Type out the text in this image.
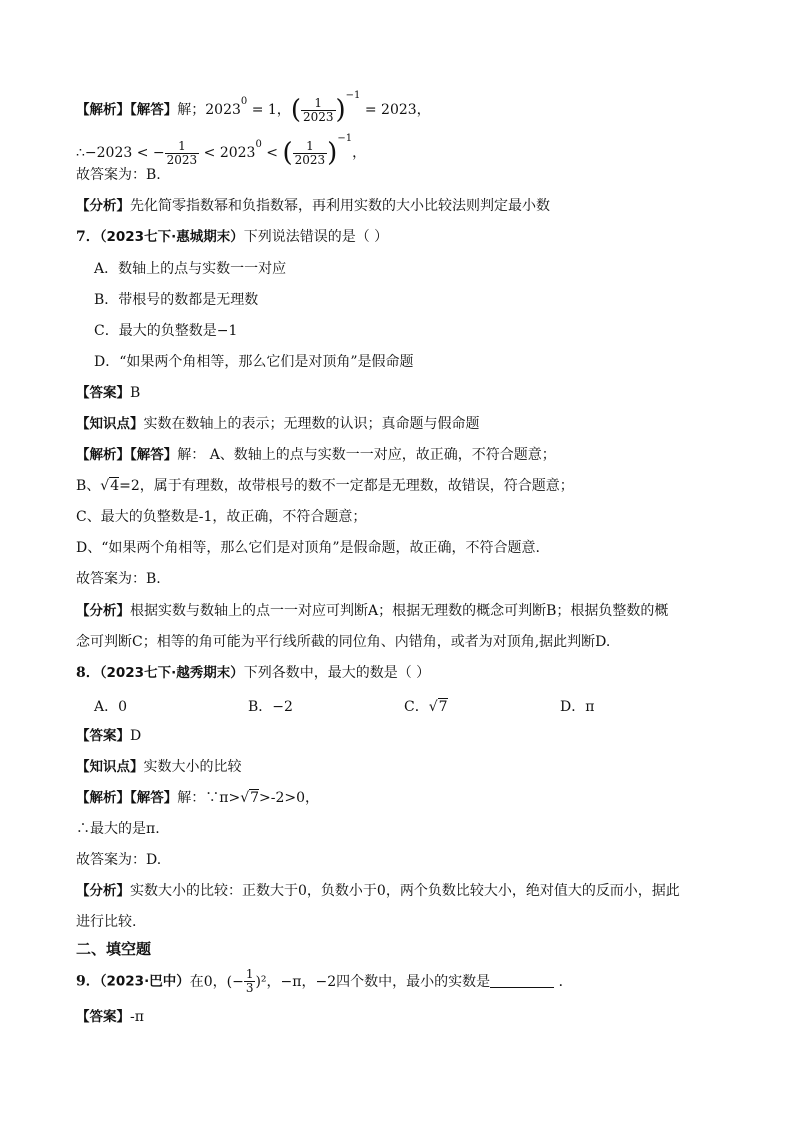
【解析】【解答】解；$2023^0 = 1$，( $\frac{1}{2023} )^{-1} = 2023$，
∴−2023 < − $\frac{1}{2023} < 2023^0$ < ( $\frac{1}{2023} )^{-1}$，
故答案为：B.
【分析】先化简零指数幂和负指数幂，再利用实数的大小比较法则判定最小数
7．（2023七下·惠城期末）下列说法错误的是（ ）
A．数轴上的点与实数一一对应
B．带根号的数都是无理数
C．最大的负整数是−1
D．“如果两个角相等，那么它们是对顶角”是假命题
【答案】B
【知识点】实数在数轴上的表示；无理数的认识；真命题与假命题
【解析】【解答】解： A、数轴上的点与实数一一对应，故正确，不符合题意；
B、√4=2，属于有理数，故带根号的数不一定都是无理数，故错误，符合题意；
C、最大的负整数是-1，故正确，不符合题意；
D、“如果两个角相等，那么它们是对顶角”是假命题，故正确，不符合题意.
故答案为：B.
【分析】根据实数与数轴上的点一一对应可判断A；根据无理数的概念可判断B；根据负整数的概
念可判断C；相等的角可能为平行线所截的同位角、内错角，或者为对顶角,据此判断D.
8．（2023七下·越秀期末）下列各数中，最大的数是（ ）
A．0	B．−2	C．√7	D．π
【答案】D
【知识点】实数大小的比较
【解析】【解答】解：∵π>√7>-2>0，
∴最大的是π.
故答案为：D.
【分析】实数大小的比较：正数大于0，负数小于0，两个负数比较大小，绝对值大的反而小，据此
进行比较.
二、填空题
9．（2023·巴中）在0，(− $\frac{1}{3} )^2$，−π，−2四个数中，最小的实数是	．
【答案】-π
